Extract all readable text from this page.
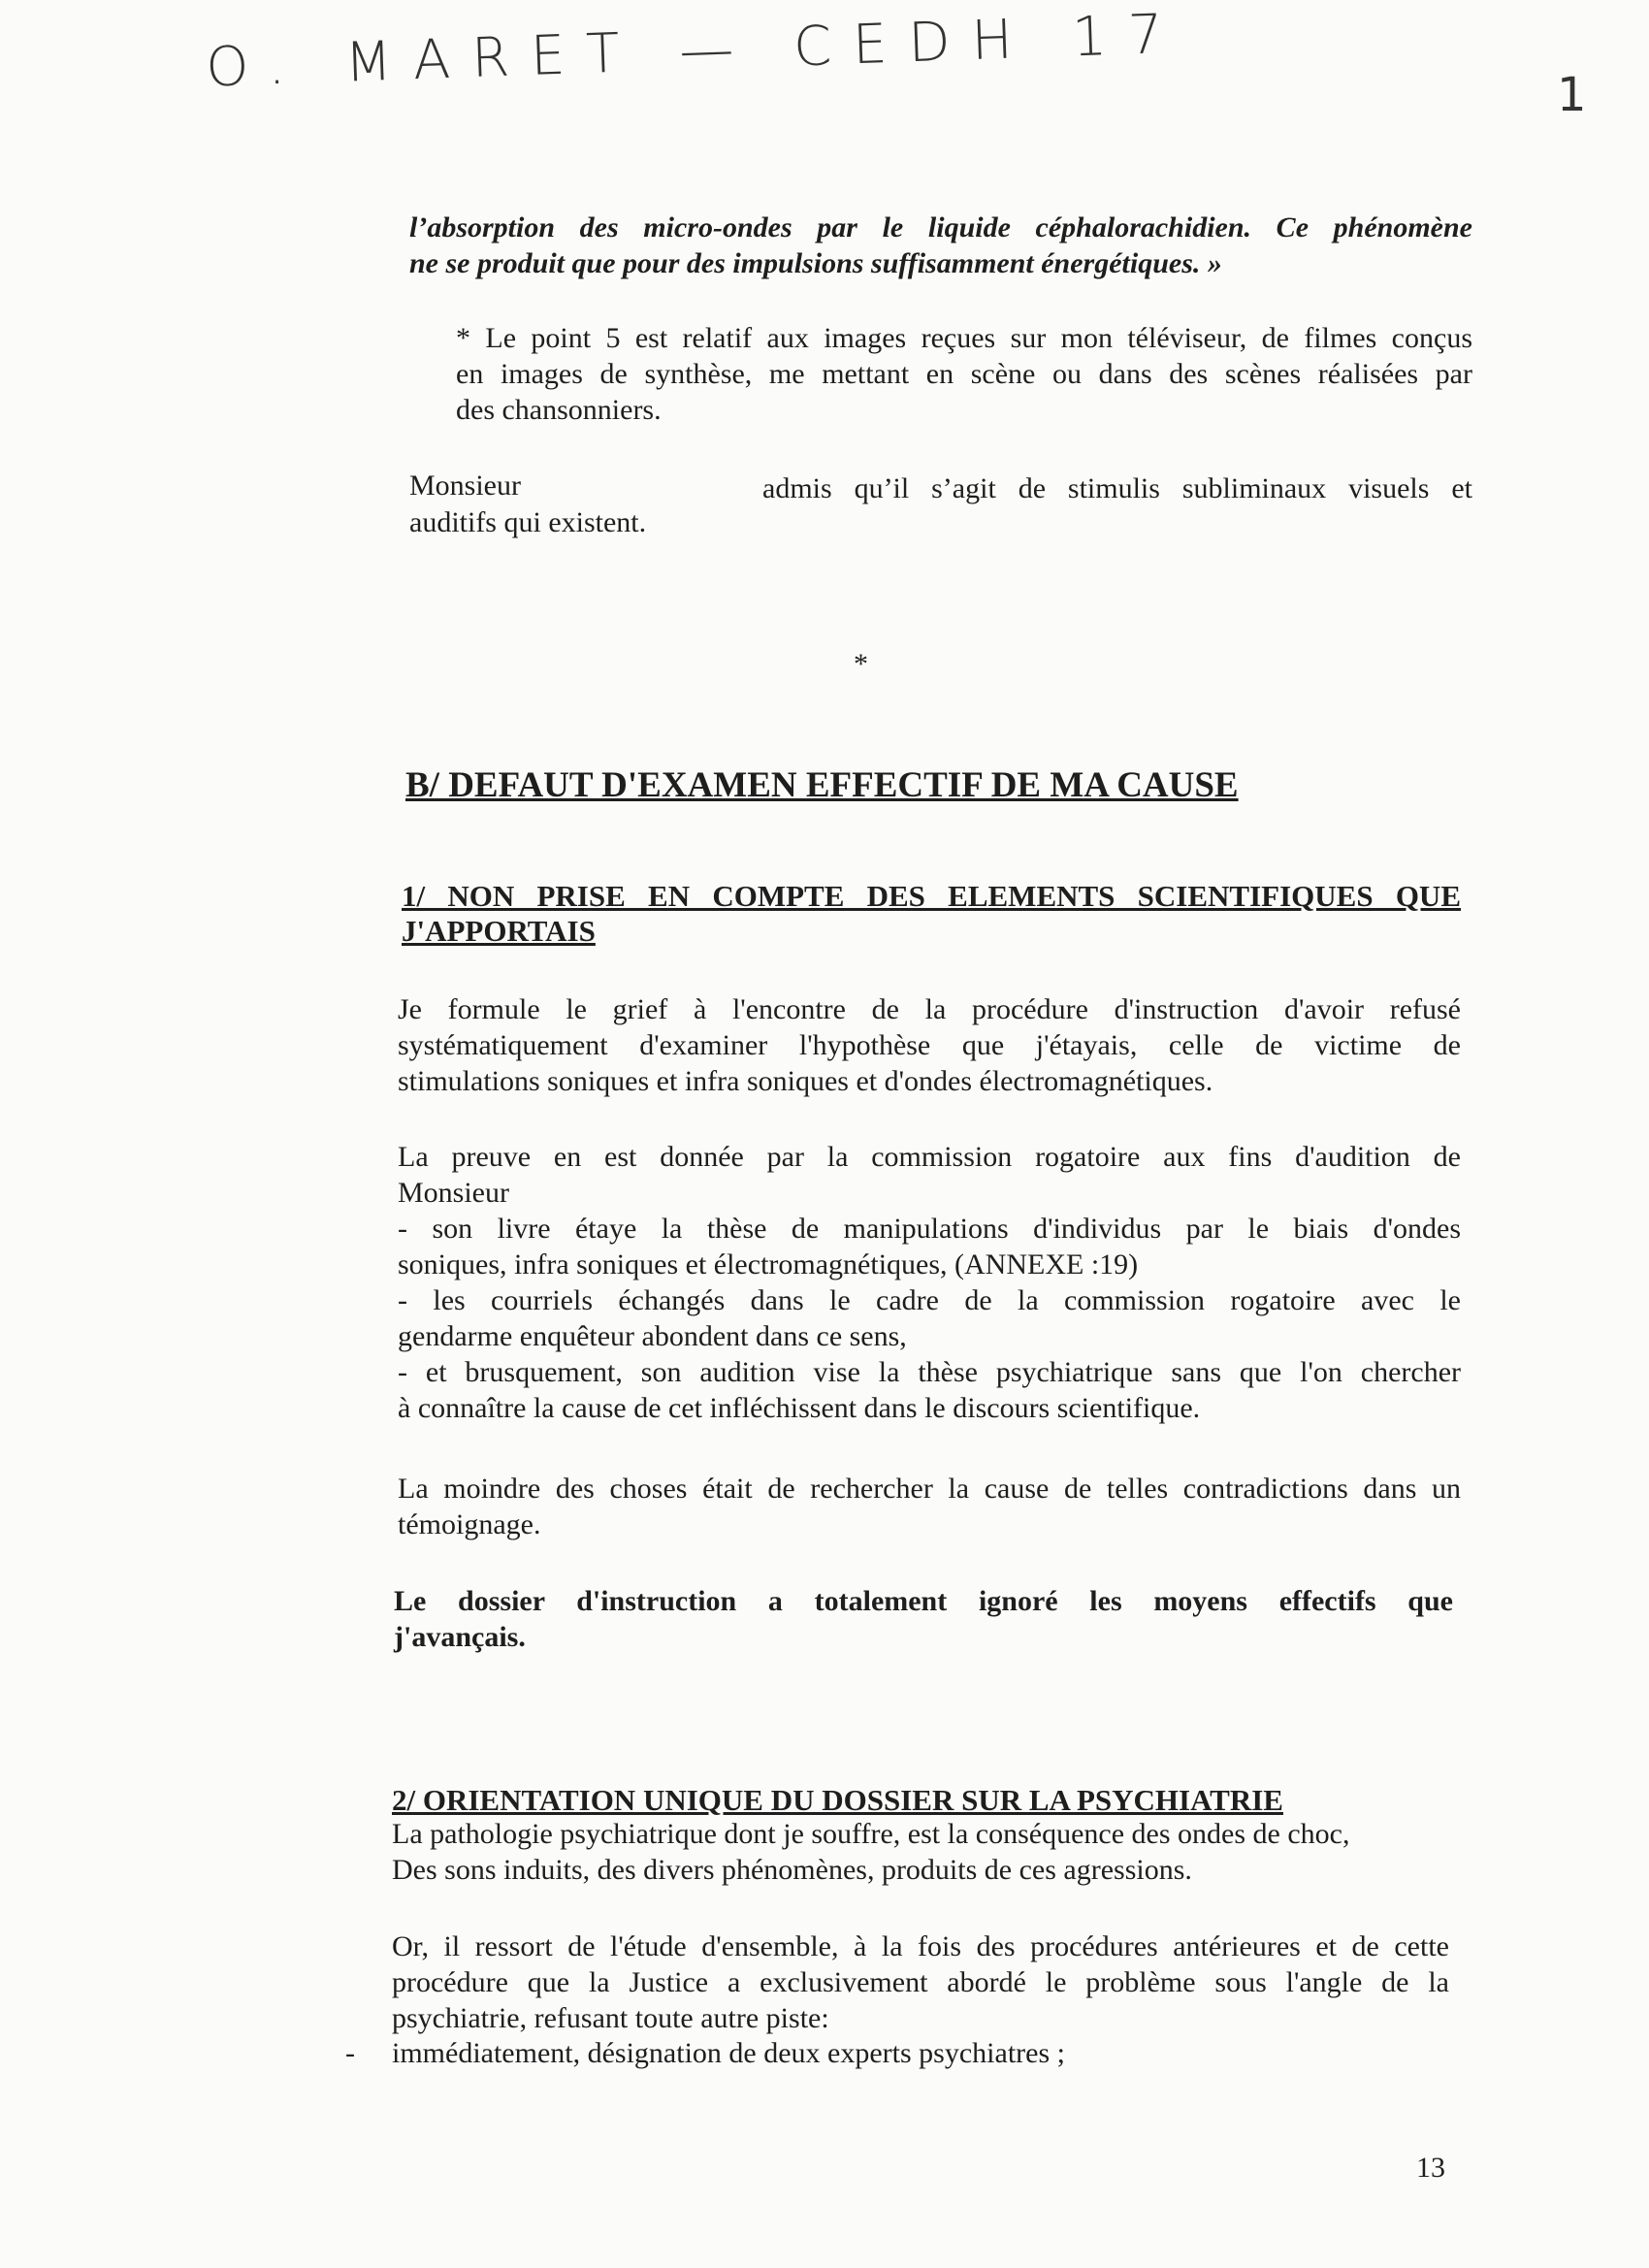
O. MARET — CEDH 17	1
l’absorption des micro-ondes par le liquide céphalorachidien. Ce phénomène
ne se produit que pour des impulsions suffisamment énergétiques. »
* Le point 5 est relatif aux images reçues sur mon téléviseur, de filmes conçus
en images de synthèse, me mettant en scène ou dans des scènes réalisées par
des chansonniers.
Monsieur	admis qu’il s’agit de stimulis subliminaux visuels et
auditifs qui existent.
*
B/ DEFAUT D'EXAMEN EFFECTIF DE MA CAUSE
1/ NON PRISE EN COMPTE DES ELEMENTS SCIENTIFIQUES QUE
J'APPORTAIS
Je formule le grief à l'encontre de la procédure d'instruction d'avoir refusé
systématiquement d'examiner l'hypothèse que j'étayais, celle de victime de
stimulations soniques et infra soniques et d'ondes électromagnétiques.
La preuve en est donnée par la commission rogatoire aux fins d'audition de
Monsieur
- son livre étaye la thèse de manipulations d'individus par le biais d'ondes
soniques, infra soniques et électromagnétiques, (ANNEXE :19)
- les courriels échangés dans le cadre de la commission rogatoire avec le
gendarme enquêteur abondent dans ce sens,
- et brusquement, son audition vise la thèse psychiatrique sans que l'on chercher
à connaître la cause de cet infléchissent dans le discours scientifique.
La moindre des choses était de rechercher la cause de telles contradictions dans un
témoignage.
Le dossier d'instruction a totalement ignoré les moyens effectifs que
j'avançais.
2/ ORIENTATION UNIQUE DU DOSSIER SUR LA PSYCHIATRIE
La pathologie psychiatrique dont je souffre, est la conséquence des ondes de choc,
Des sons induits, des divers phénomènes, produits de ces agressions.
Or, il ressort de l'étude d'ensemble, à la fois des procédures antérieures et de cette
procédure que la Justice a exclusivement abordé le problème sous l'angle de la
psychiatrie, refusant toute autre piste:
- immédiatement, désignation de deux experts psychiatres ;
13
